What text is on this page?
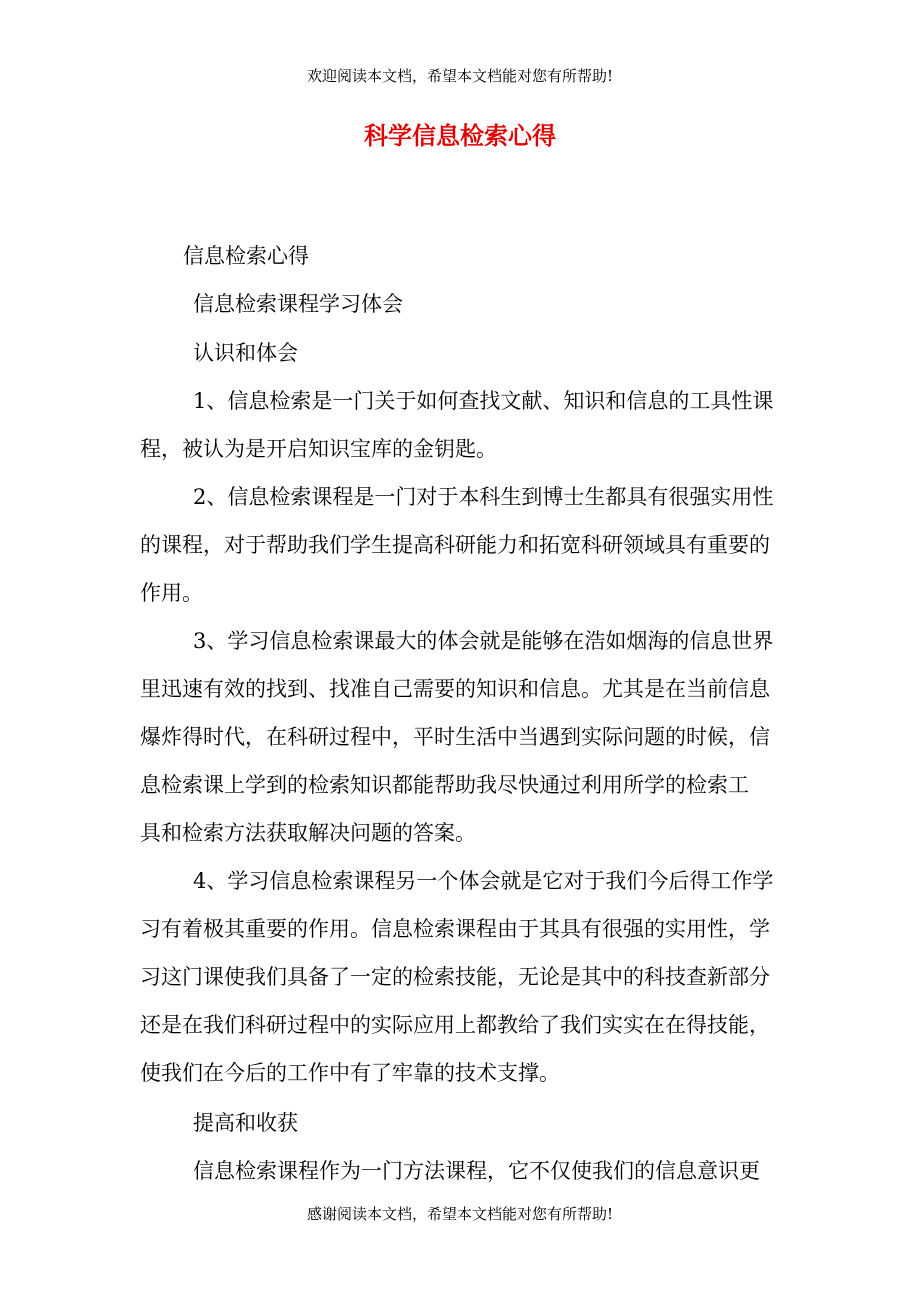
欢迎阅读本文档，希望本文档能对您有所帮助!
科学信息检索心得
信息检索心得
信息检索课程学习体会
认识和体会
1、信息检索是一门关于如何查找文献、知识和信息的工具性课
程，被认为是开启知识宝库的金钥匙。
2、信息检索课程是一门对于本科生到博士生都具有很强实用性
的课程，对于帮助我们学生提高科研能力和拓宽科研领域具有重要的
作用。
3、学习信息检索课最大的体会就是能够在浩如烟海的信息世界
里迅速有效的找到、找准自己需要的知识和信息。尤其是在当前信息
爆炸得时代，在科研过程中，平时生活中当遇到实际问题的时候，信
息检索课上学到的检索知识都能帮助我尽快通过利用所学的检索工
具和检索方法获取解决问题的答案。
4、学习信息检索课程另一个体会就是它对于我们今后得工作学
习有着极其重要的作用。信息检索课程由于其具有很强的实用性，学
习这门课使我们具备了一定的检索技能，无论是其中的科技查新部分
还是在我们科研过程中的实际应用上都教给了我们实实在在得技能，
使我们在今后的工作中有了牢靠的技术支撑。
提高和收获
信息检索课程作为一门方法课程，它不仅使我们的信息意识更
感谢阅读本文档，希望本文档能对您有所帮助!
